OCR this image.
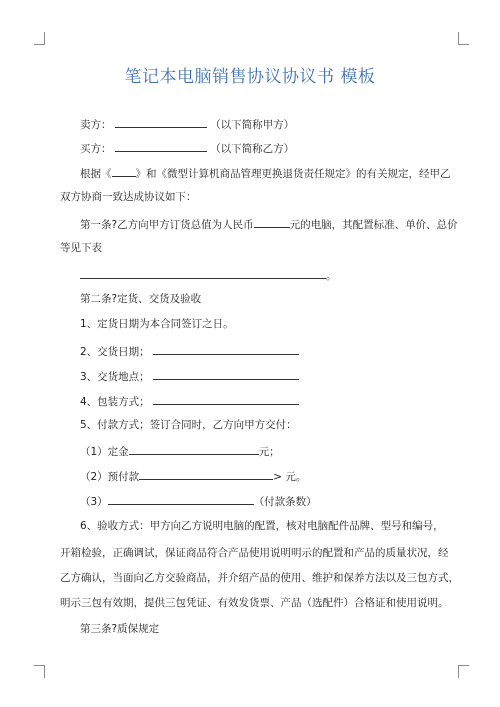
笔记本电脑销售协议协议书 模板
卖方：	（以下简称甲方）
买方：	（以下简称乙方）
根据《 》和《微型计算机商品管理更换退货责任规定》的有关规定，经甲乙
双方协商一致达成协议如下：
第一条?乙方向甲方订货总值为人民币	元的电脑，其配置标准、单价、总价
等见下表
。
第二条?定货、交货及验收
1、定货日期为本合同签订之日。
2、交货日期；
3、交货地点；
4、包装方式；
5、付款方式；签订合同时，乙方向甲方交付：
（1）定金	元；
（2）预付款	> 元。
（3）	（付款条数）
6、验收方式：甲方向乙方说明电脑的配置，核对电脑配件品牌、型号和编号，
开箱检验，正确调试，保证商品符合产品使用说明明示的配置和产品的质量状况，经
乙方确认，当面向乙方交验商品，并介绍产品的使用、维护和保养方法以及三包方式，
明示三包有效期，提供三包凭证、有效发货票、产品（选配件）合格证和使用说明。
第三条?质保规定
